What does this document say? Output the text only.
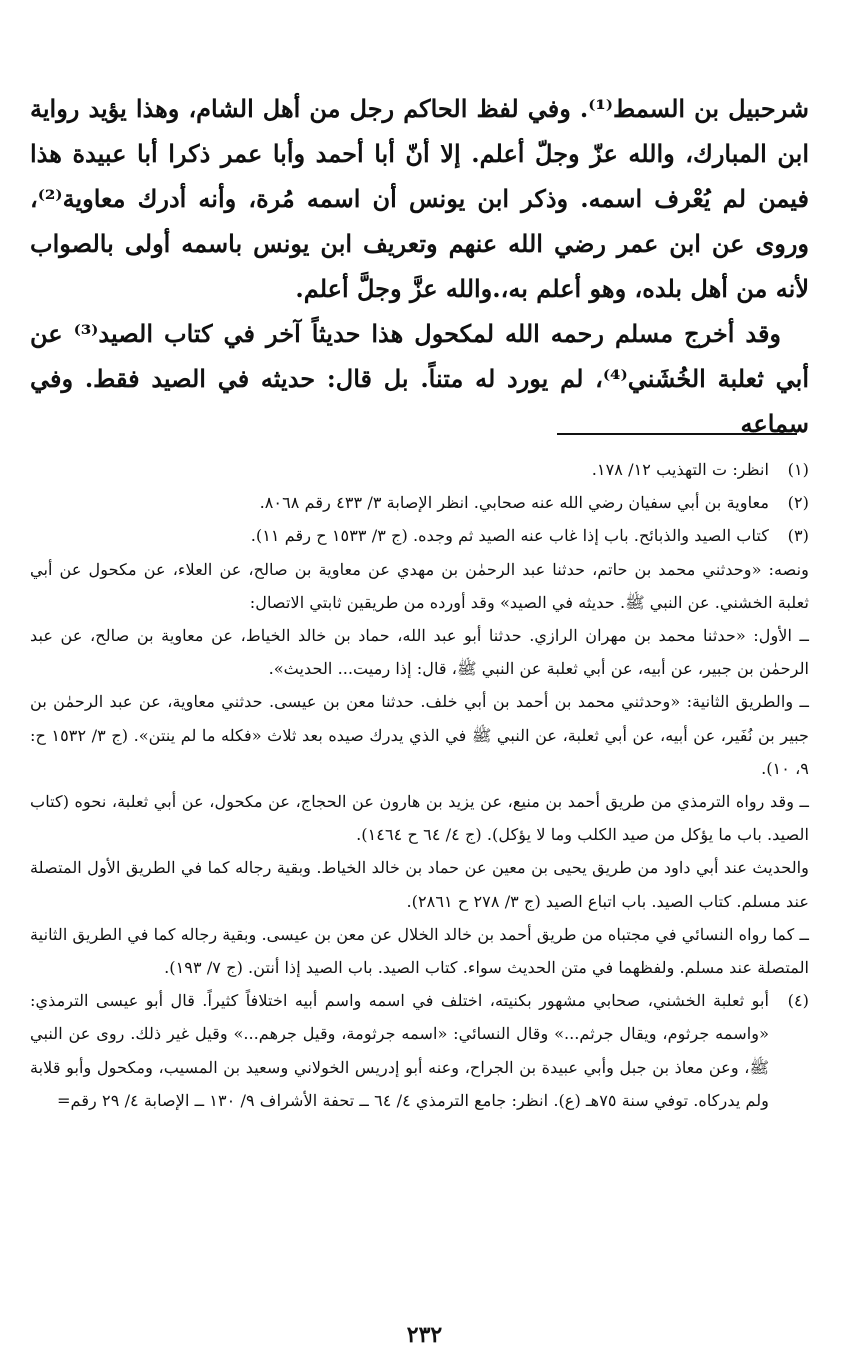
شرحبيل بن السمط⁽¹⁾. وفي لفظ الحاكم رجل من أهل الشام، وهذا يؤيد رواية ابن المبارك، والله عزّ وجلّ أعلم. إلا أنّ أبا أحمد وأبا عمر ذكرا أبا عبيدة هذا فيمن لم يُعْرف اسمه. وذكر ابن يونس أن اسمه مُرة، وأنه أدرك معاوية⁽²⁾، وروى عن ابن عمر رضي الله عنهم وتعريف ابن يونس باسمه أولى بالصواب لأنه من أهل بلده، وهو أعلم به،.والله عزَّ وجلَّ أعلم.

وقد أخرج مسلم رحمه الله لمكحول هذا حديثاً آخر في كتاب الصيد⁽³⁾ عن أبي ثعلبة الخُشَني⁽⁴⁾، لم يورد له متناً. بل قال: حديثه في الصيد فقط. وفي سماعه

(١)

انظر: ت التهذيب ١٢/ ١٧٨.

(٢)

معاوية بن أبي سفيان رضي الله عنه صحابي. انظر الإصابة ٣/ ٤٣٣ رقم ٨٠٦٨.

(٣)

كتاب الصيد والذبائح. باب إذا غاب عنه الصيد ثم وجده. (ج ٣/ ١٥٣٣ ح رقم ١١).

ونصه: «وحدثني محمد بن حاتم، حدثنا عبد الرحمٰن بن مهدي عن معاوية بن صالح، عن العلاء، عن مكحول عن أبي ثعلبة الخشني. عن النبي ﷺ. حديثه في الصيد» وقد أورده من طريقين ثابتي الاتصال:

ــ الأول: «حدثنا محمد بن مهران الرازي. حدثنا أبو عبد الله، حماد بن خالد الخياط، عن معاوية بن صالح، عن عبد الرحمٰن بن جبير، عن أبيه، عن أبي ثعلبة عن النبي ﷺ، قال: إذا رميت... الحديث».

ــ والطريق الثانية: «وحدثني محمد بن أحمد بن أبي خلف. حدثنا معن بن عيسى. حدثني معاوية، عن عبد الرحمٰن بن جبير بن نُفَير، عن أبيه، عن أبي ثعلبة، عن النبي ﷺ في الذي يدرك صيده بعد ثلاث «فكله ما لم ينتن». (ج ٣/ ١٥٣٢ ح: ٩، ١٠).

ــ وقد رواه الترمذي من طريق أحمد بن منيع، عن يزيد بن هارون عن الحجاج، عن مكحول، عن أبي ثعلبة، نحوه (كتاب الصيد. باب ما يؤكل من صيد الكلب وما لا يؤكل). (ج ٤/ ٦٤ ح ١٤٦٤).

والحديث عند أبي داود من طريق يحيى بن معين عن حماد بن خالد الخياط. وبقية رجاله كما في الطريق الأول المتصلة عند مسلم. كتاب الصيد. باب اتباع الصيد (ج ٣/ ٢٧٨ ح ٢٨٦١).

ــ كما رواه النسائي في مجتباه من طريق أحمد بن خالد الخلال عن معن بن عيسى. وبقية رجاله كما في الطريق الثانية المتصلة عند مسلم. ولفظهما في متن الحديث سواء. كتاب الصيد. باب الصيد إذا أنتن. (ج ٧/ ١٩٣).

(٤)

أبو ثعلبة الخشني، صحابي مشهور بكنيته، اختلف في اسمه واسم أبيه اختلافاً كثيراً. قال أبو عيسى الترمذي: «واسمه جرثوم، ويقال جرثم...» وقال النسائي: «اسمه جرثومة، وقيل جرهم...» وقيل غير ذلك. روى عن النبي ﷺ، وعن معاذ بن جبل وأبي عبيدة بن الجراح، وعنه أبو إدريس الخولاني وسعيد بن المسيب، ومكحول وأبو قلابة ولم يدركاه. توفي سنة ٧٥هـ (ع). انظر: جامع الترمذي ٤/ ٦٤ ــ تحفة الأشراف ٩/ ١٣٠ ــ الإصابة ٤/ ٢٩ رقم=

٢٣٢
